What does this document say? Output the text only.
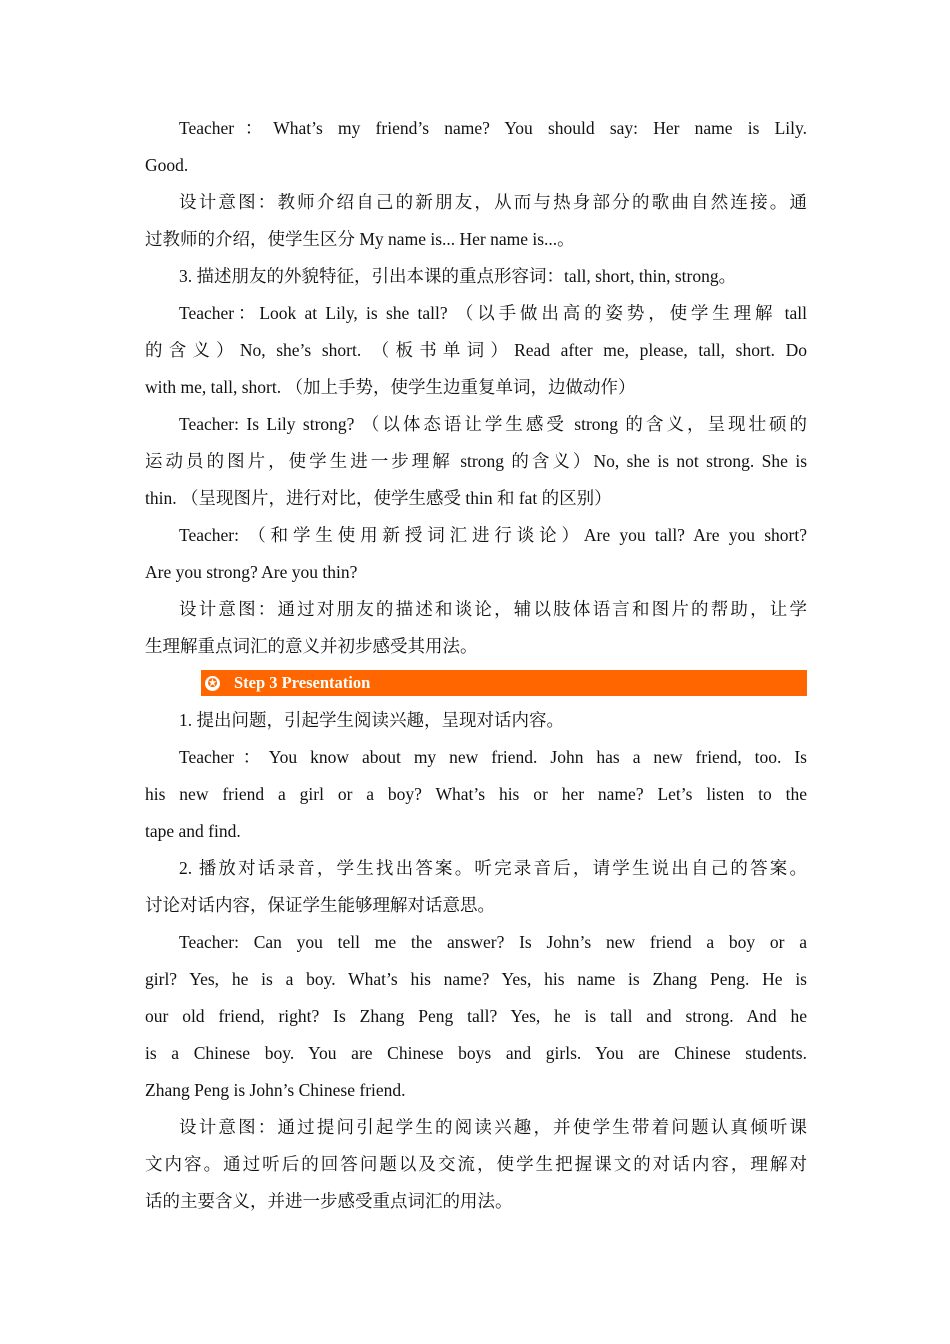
Teacher：What’s my friend’s name? You should say: Her name is Lily.
Good.
设计意图：教师介绍自己的新朋友，从而与热身部分的歌曲自然连接。通
过教师的介绍，使学生区分 My name is... Her name is...。
3. 描述朋友的外貌特征，引出本课的重点形容词：tall, short, thin, strong。
Teacher：Look at Lily, is she tall? （以手做出高的姿势，使学生理解 tall
的含义）No, she’s short. （板书单词）Read after me, please, tall, short. Do
with me, tall, short. （加上手势，使学生边重复单词，边做动作）
Teacher: Is Lily strong? （以体态语让学生感受 strong 的含义，呈现壮硕的
运动员的图片，使学生进一步理解 strong 的含义）No, she is not strong. She is
thin. （呈现图片，进行对比，使学生感受 thin 和 fat 的区别）
Teacher: （和学生使用新授词汇进行谈论）Are you tall? Are you short?
Are you strong? Are you thin?
设计意图：通过对朋友的描述和谈论，辅以肢体语言和图片的帮助，让学
生理解重点词汇的意义并初步感受其用法。
✪ Step 3 Presentation
1. 提出问题，引起学生阅读兴趣，呈现对话内容。
Teacher：You know about my new friend. John has a new friend, too. Is
his new friend a girl or a boy? What’s his or her name? Let’s listen to the
tape and find.
2. 播放对话录音，学生找出答案。听完录音后，请学生说出自己的答案。
讨论对话内容，保证学生能够理解对话意思。
Teacher: Can you tell me the answer? Is John’s new friend a boy or a
girl? Yes, he is a boy. What’s his name? Yes, his name is Zhang Peng. He is
our old friend, right? Is Zhang Peng tall? Yes, he is tall and strong. And he
is a Chinese boy. You are Chinese boys and girls. You are Chinese students.
Zhang Peng is John’s Chinese friend.
设计意图：通过提问引起学生的阅读兴趣，并使学生带着问题认真倾听课
文内容。通过听后的回答问题以及交流，使学生把握课文的对话内容，理解对
话的主要含义，并进一步感受重点词汇的用法。
